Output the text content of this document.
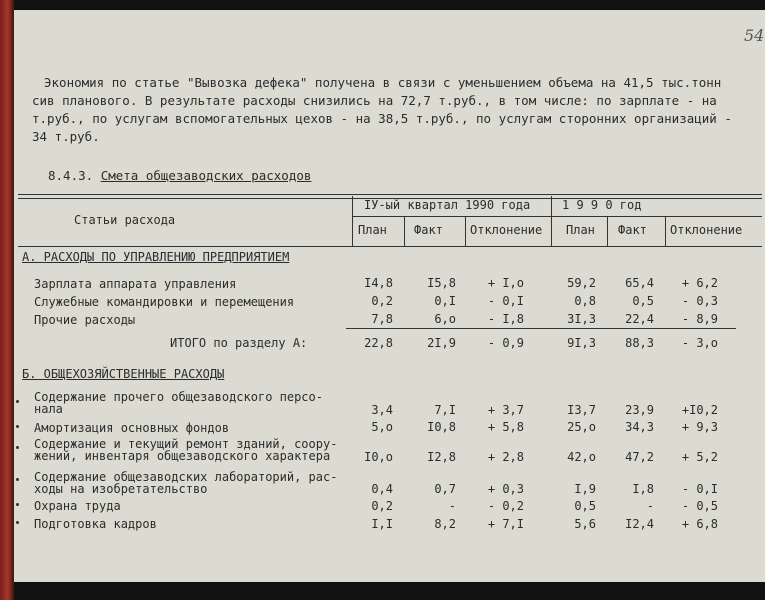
54
Экономия по статье "Вывозка дефека" получена в связи с уменьшением объема на 41,5 тыс.тонн
сив планового. В результате расходы снизились на 72,7 т.руб., в том числе: по зарплате - на
т.руб., по услугам вспомогательных цехов - на 38,5 т.руб., по услугам сторонних организаций -
34 т.руб.
8.4.3. Смета общезаводских расходов
Статьи расхода
IУ-ый квартал 1990 года	1 9 9 0 год
План Факт Отклонение План Факт Отклонение
А. РАСХОДЫ ПО УПРАВЛЕНИЮ ПРЕДПРИЯТИЕМ
Зарплата аппарата управления	I4,8	I5,8	+ I,o	59,2	65,4	+ 6,2
Служебные командировки и перемещения	0,2	0,I	- 0,I	0,8	0,5	- 0,3
Прочие расходы	7,8	6,o	- I,8	3I,3	22,4	- 8,9
ИТОГО по разделу А:	22,8	2I,9	- 0,9	9I,3	88,3	- 3,o
Б. ОБЩЕХОЗЯЙСТВЕННЫЕ РАСХОДЫ
Содержание прочего общезаводского персо-
нала	3,4	7,I	+ 3,7	I3,7	23,9	+I0,2
Амортизация основных фондов	5,o	I0,8	+ 5,8	25,o	34,3	+ 9,3
Содержание и текущий ремонт зданий, соору-
жений, инвентаря общезаводского характера	I0,o	I2,8	+ 2,8	42,o	47,2	+ 5,2
Содержание общезаводских лабораторий, рас-
ходы на изобретательство	0,4	0,7	+ 0,3	I,9	I,8	- 0,I
Охрана труда	0,2	-	- 0,2	0,5	-	- 0,5
Подготовка кадров	I,I	8,2	+ 7,I	5,6	I2,4	+ 6,8
